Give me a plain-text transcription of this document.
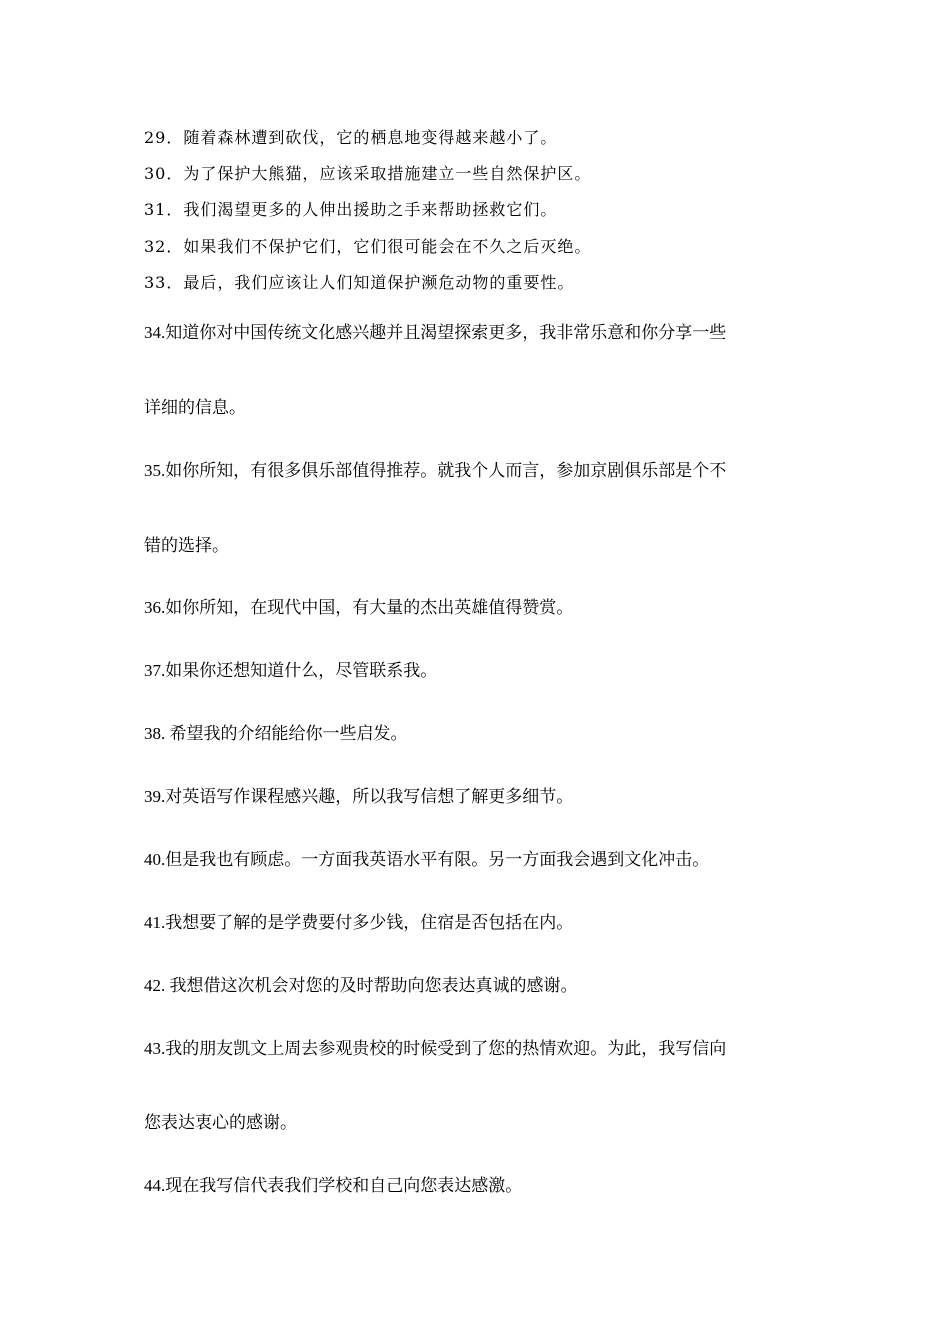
29．随着森林遭到砍伐，它的栖息地变得越来越小了。
30．为了保护大熊猫，应该采取措施建立一些自然保护区。
31．我们渴望更多的人伸出援助之手来帮助拯救它们。
32．如果我们不保护它们，它们很可能会在不久之后灭绝。
33．最后，我们应该让人们知道保护濒危动物的重要性。
34.知道你对中国传统文化感兴趣并且渴望探索更多，我非常乐意和你分享一些
详细的信息。
35.如你所知，有很多俱乐部值得推荐。就我个人而言，参加京剧俱乐部是个不
错的选择。
36.如你所知，在现代中国，有大量的杰出英雄值得赞赏。
37.如果你还想知道什么，尽管联系我。
38. 希望我的介绍能给你一些启发。
39.对英语写作课程感兴趣，所以我写信想了解更多细节。
40.但是我也有顾虑。一方面我英语水平有限。另一方面我会遇到文化冲击。
41.我想要了解的是学费要付多少钱，住宿是否包括在内。
42. 我想借这次机会对您的及时帮助向您表达真诚的感谢。
43.我的朋友凯文上周去参观贵校的时候受到了您的热情欢迎。为此，我写信向
您表达衷心的感谢。
44.现在我写信代表我们学校和自己向您表达感激。
